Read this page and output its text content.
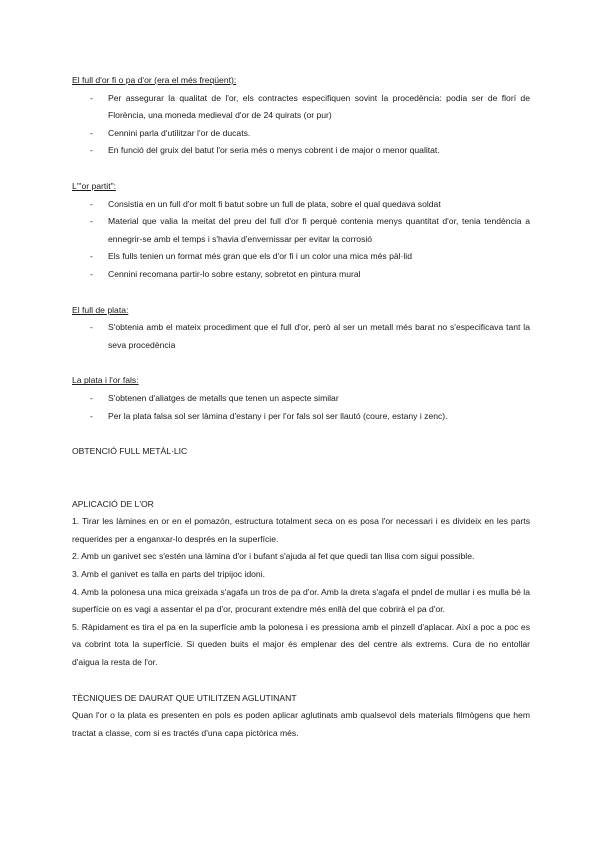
El full d'or fi o pa d'or (era el més freqüent):

- Per assegurar la qualitat de l'or, els contractes especifiquen sovint la procedència: podia ser de florí de Florència, una moneda medieval d'or de 24 quirats (or pur)
- Cennini parla d'utilitzar l'or de ducats.
- En funció del gruix del batut l'or seria més o menys cobrent i de major o menor qualitat.

L'"or partit":

- Consistia en un full d'or molt fi batut sobre un full de plata, sobre el qual quedava soldat
- Material que valia la meitat del preu del full d'or fi perquè contenia menys quantitat d'or, tenia tendència a ennegrir-se amb el temps i s'havia d'envernissar per evitar la corrosió
- Els fulls tenien un format més gran que els d'or fi i un color una mica més pàl·lid
- Cennini recomana partir-lo sobre estany, sobretot en pintura mural

El full de plata:

- S'obtenia amb el mateix procediment que el full d'or, però al ser un metall més barat no s'especificava tant la seva procedència

La plata i l'or fals:

- S'obtenen d'aliatges de metalls que tenen un aspecte similar
- Per la plata falsa sol ser làmina d'estany i per l'or fals sol ser llautó (coure, estany i zenc).

OBTENCIÓ FULL METÀL·LIC

APLICACIÓ DE L'OR

1. Tirar les làmines en or en el pomazón, estructura totalment seca on es posa l'or necessari i es divideix en les parts requerides per a enganxar-lo després en la superfície.

2. Amb un ganivet sec s'estén una làmina d'or i bufant s'ajuda al fet que quedi tan llisa com sigui possible.

3. Amb el ganivet es talla en parts del tripijoc idoni.

4. Amb la polonesa una mica greixada s'agafa un tros de pa d'or. Amb la dreta s'agafa el pndel de mullar i es mulla bé la superfície on es vagi a assentar el pa d'or, procurant extendre més enllà del que cobrirà el pa d'or.

5. Ràpidament es tira el pa en la superfície amb la polonesa i es pressiona amb el pinzell d'aplacar. Així a poc a poc es va cobrint tota la superfície. Si queden buits el major és emplenar des del centre als extrems. Cura de no entollar d'aigua la resta de l'or.

TÈCNIQUES DE DAURAT QUE UTILITZEN AGLUTINANT

Quan l'or o la plata es presenten en pols es poden aplicar aglutinats amb qualsevol dels materials filmògens que hem tractat a classe, com si es tractés d'una capa pictòrica més.
